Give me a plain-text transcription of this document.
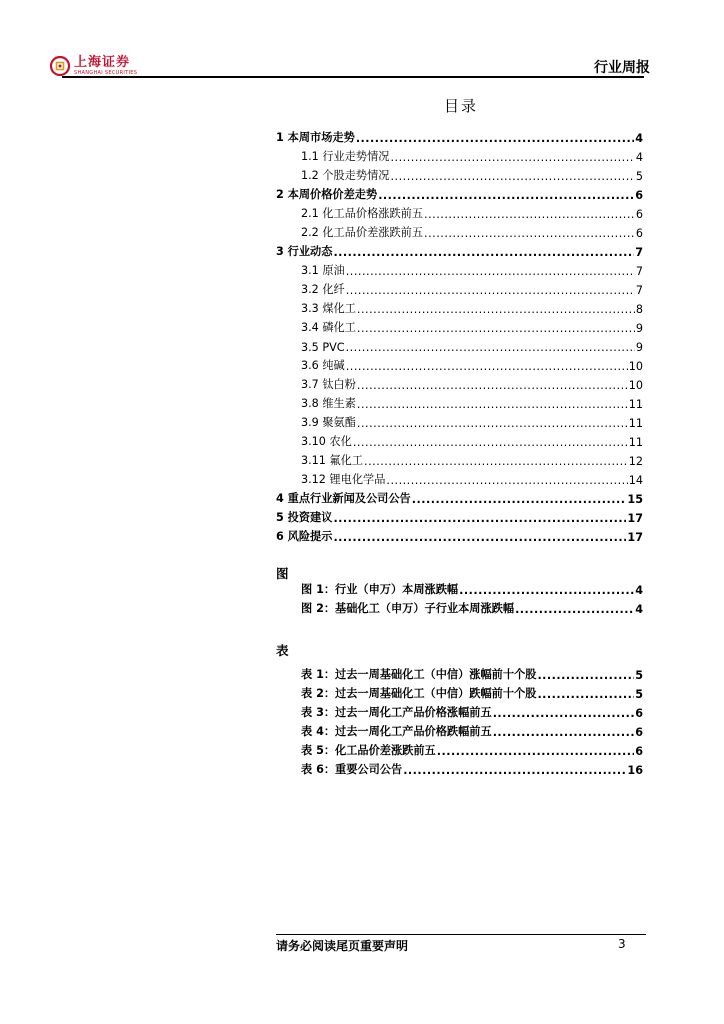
上海证券
SHANGHAI SECURITIES	行业周报
目录
1 本周市场走势 .....	4
1.1 行业走势情况 .....	4
1.2 个股走势情况 .....	5
2 本周价格价差走势 .....	6
2.1 化工品价格涨跌前五 .....	6
2.2 化工品价差涨跌前五 .....	6
3 行业动态 .....	7
3.1 原油 .....	7
3.2 化纤 .....	7
3.3 煤化工 .....	8
3.4 磷化工 .....	9
3.5 PVC .....	9
3.6 纯碱 .....	10
3.7 钛白粉 .....	10
3.8 维生素 .....	11
3.9 聚氨酯 .....	11
3.10 农化 .....	11
3.11 氟化工 .....	12
3.12 锂电化学品 .....	14
4 重点行业新闻及公司公告 .....	15
5 投资建议 .....	17
6 风险提示 .....	17
图
图 1：行业（申万）本周涨跌幅 .....	4
图 2：基础化工（申万）子行业本周涨跌幅 .....	4
表
表 1：过去一周基础化工（中信）涨幅前十个股 .....	5
表 2：过去一周基础化工（中信）跌幅前十个股 .....	5
表 3：过去一周化工产品价格涨幅前五 .....	6
表 4：过去一周化工产品价格跌幅前五 .....	6
表 5：化工品价差涨跌前五 .....	6
表 6：重要公司公告 .....	16
请务必阅读尾页重要声明	3
